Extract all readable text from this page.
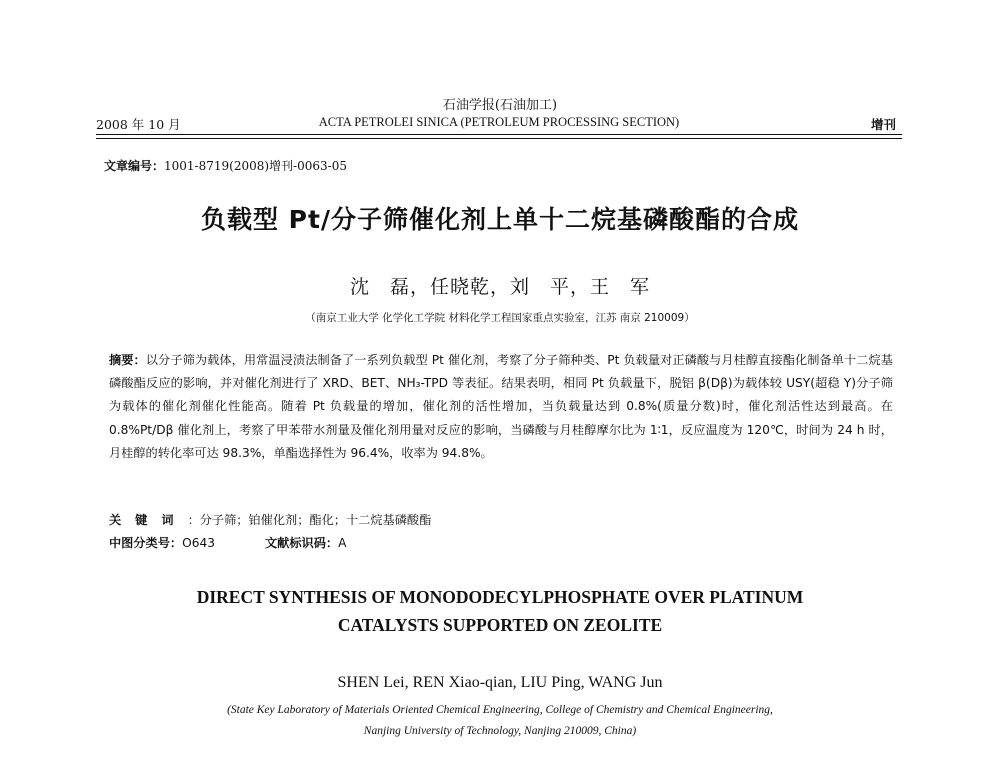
石油学报(石油加工)
2008 年 10 月	ACTA PETROLEI SINICA (PETROLEUM PROCESSING SECTION)	增刊
文章编号：1001-8719(2008)增刊-0063-05
负载型 Pt/分子筛催化剂上单十二烷基磷酸酯的合成
沈　磊，任晓乾，刘　平，王　军
（南京工业大学 化学化工学院 材料化学工程国家重点实验室，江苏 南京 210009）
摘要：以分子筛为载体，用常温浸渍法制备了一系列负载型 Pt 催化剂，考察了分子筛种类、Pt 负载量对正磷酸与月桂醇直接酯化制备单十二烷基磷酸酯反应的影响，并对催化剂进行了 XRD、BET、NH₃-TPD 等表征。结果表明，相同 Pt 负载量下，脱铝 β(Dβ)为载体较 USY(超稳 Y)分子筛为载体的催化剂催化性能高。随着 Pt 负载量的增加，催化剂的活性增加，当负载量达到 0.8%(质量分数)时，催化剂活性达到最高。在 0.8%Pt/Dβ 催化剂上，考察了甲苯带水剂量及催化剂用量对反应的影响，当磷酸与月桂醇摩尔比为 1∶1，反应温度为 120℃，时间为 24 h 时，月桂醇的转化率可达 98.3%，单酯选择性为 96.4%，收率为 94.8%。
关键词：分子筛；铂催化剂；酯化；十二烷基磷酸酯
中图分类号：O643	文献标识码：A
DIRECT SYNTHESIS OF MONODODECYLPHOSPHATE OVER PLATINUM
CATALYSTS SUPPORTED ON ZEOLITE
SHEN Lei, REN Xiao-qian, LIU Ping, WANG Jun
(State Key Laboratory of Materials Oriented Chemical Engineering, College of Chemistry and Chemical Engineering,
Nanjing University of Technology, Nanjing 210009, China)
